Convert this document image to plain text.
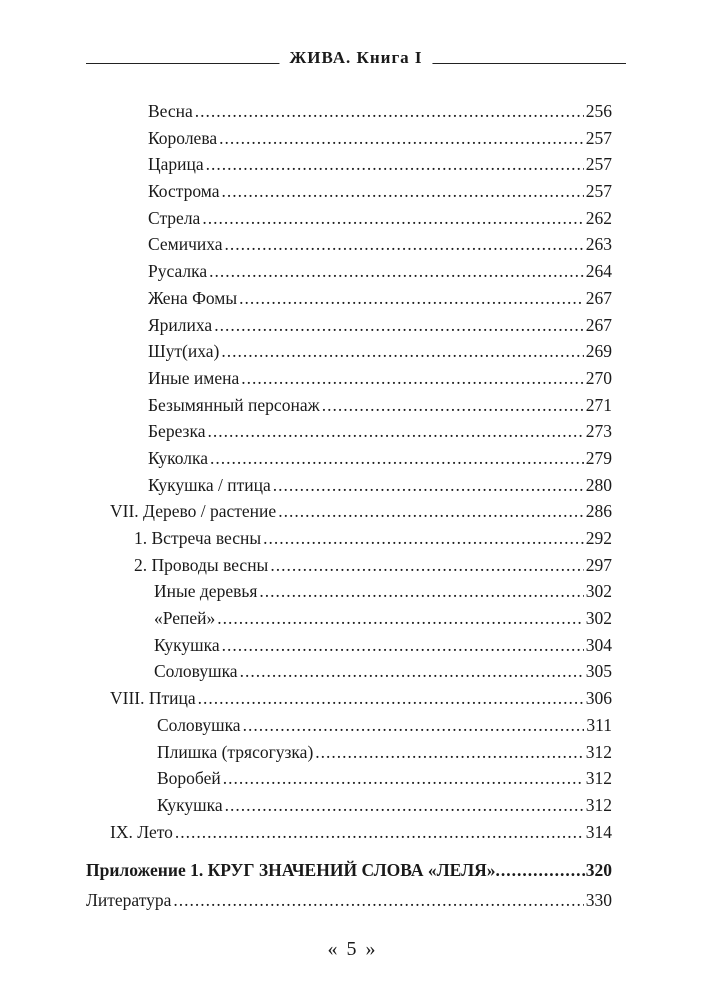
ЖИВА. Книга I
Весна .....	256
Королева .....	257
Царица .....	257
Кострома .....	257
Стрела .....	262
Семичиха .....	263
Русалка .....	264
Жена Фомы .....	267
Ярилиха .....	267
Шут(иха) .....	269
Иные имена .....	270
Безымянный персонаж .....	271
Березка .....	273
Куколка .....	279
Кукушка / птица .....	280
VII. Дерево / растение .....	286
1. Встреча весны .....	292
2. Проводы весны .....	297
Иные деревья .....	302
«Репей» .....	302
Кукушка .....	304
Соловушка .....	305
VIII. Птица .....	306
Соловушка .....	311
Плишка (трясогузка) .....	312
Воробей .....	312
Кукушка .....	312
IX. Лето .....	314
Приложение 1. КРУГ ЗНАЧЕНИЙ СЛОВА «ЛЕЛЯ» .....	320
Литература .....	330
« 5 »
